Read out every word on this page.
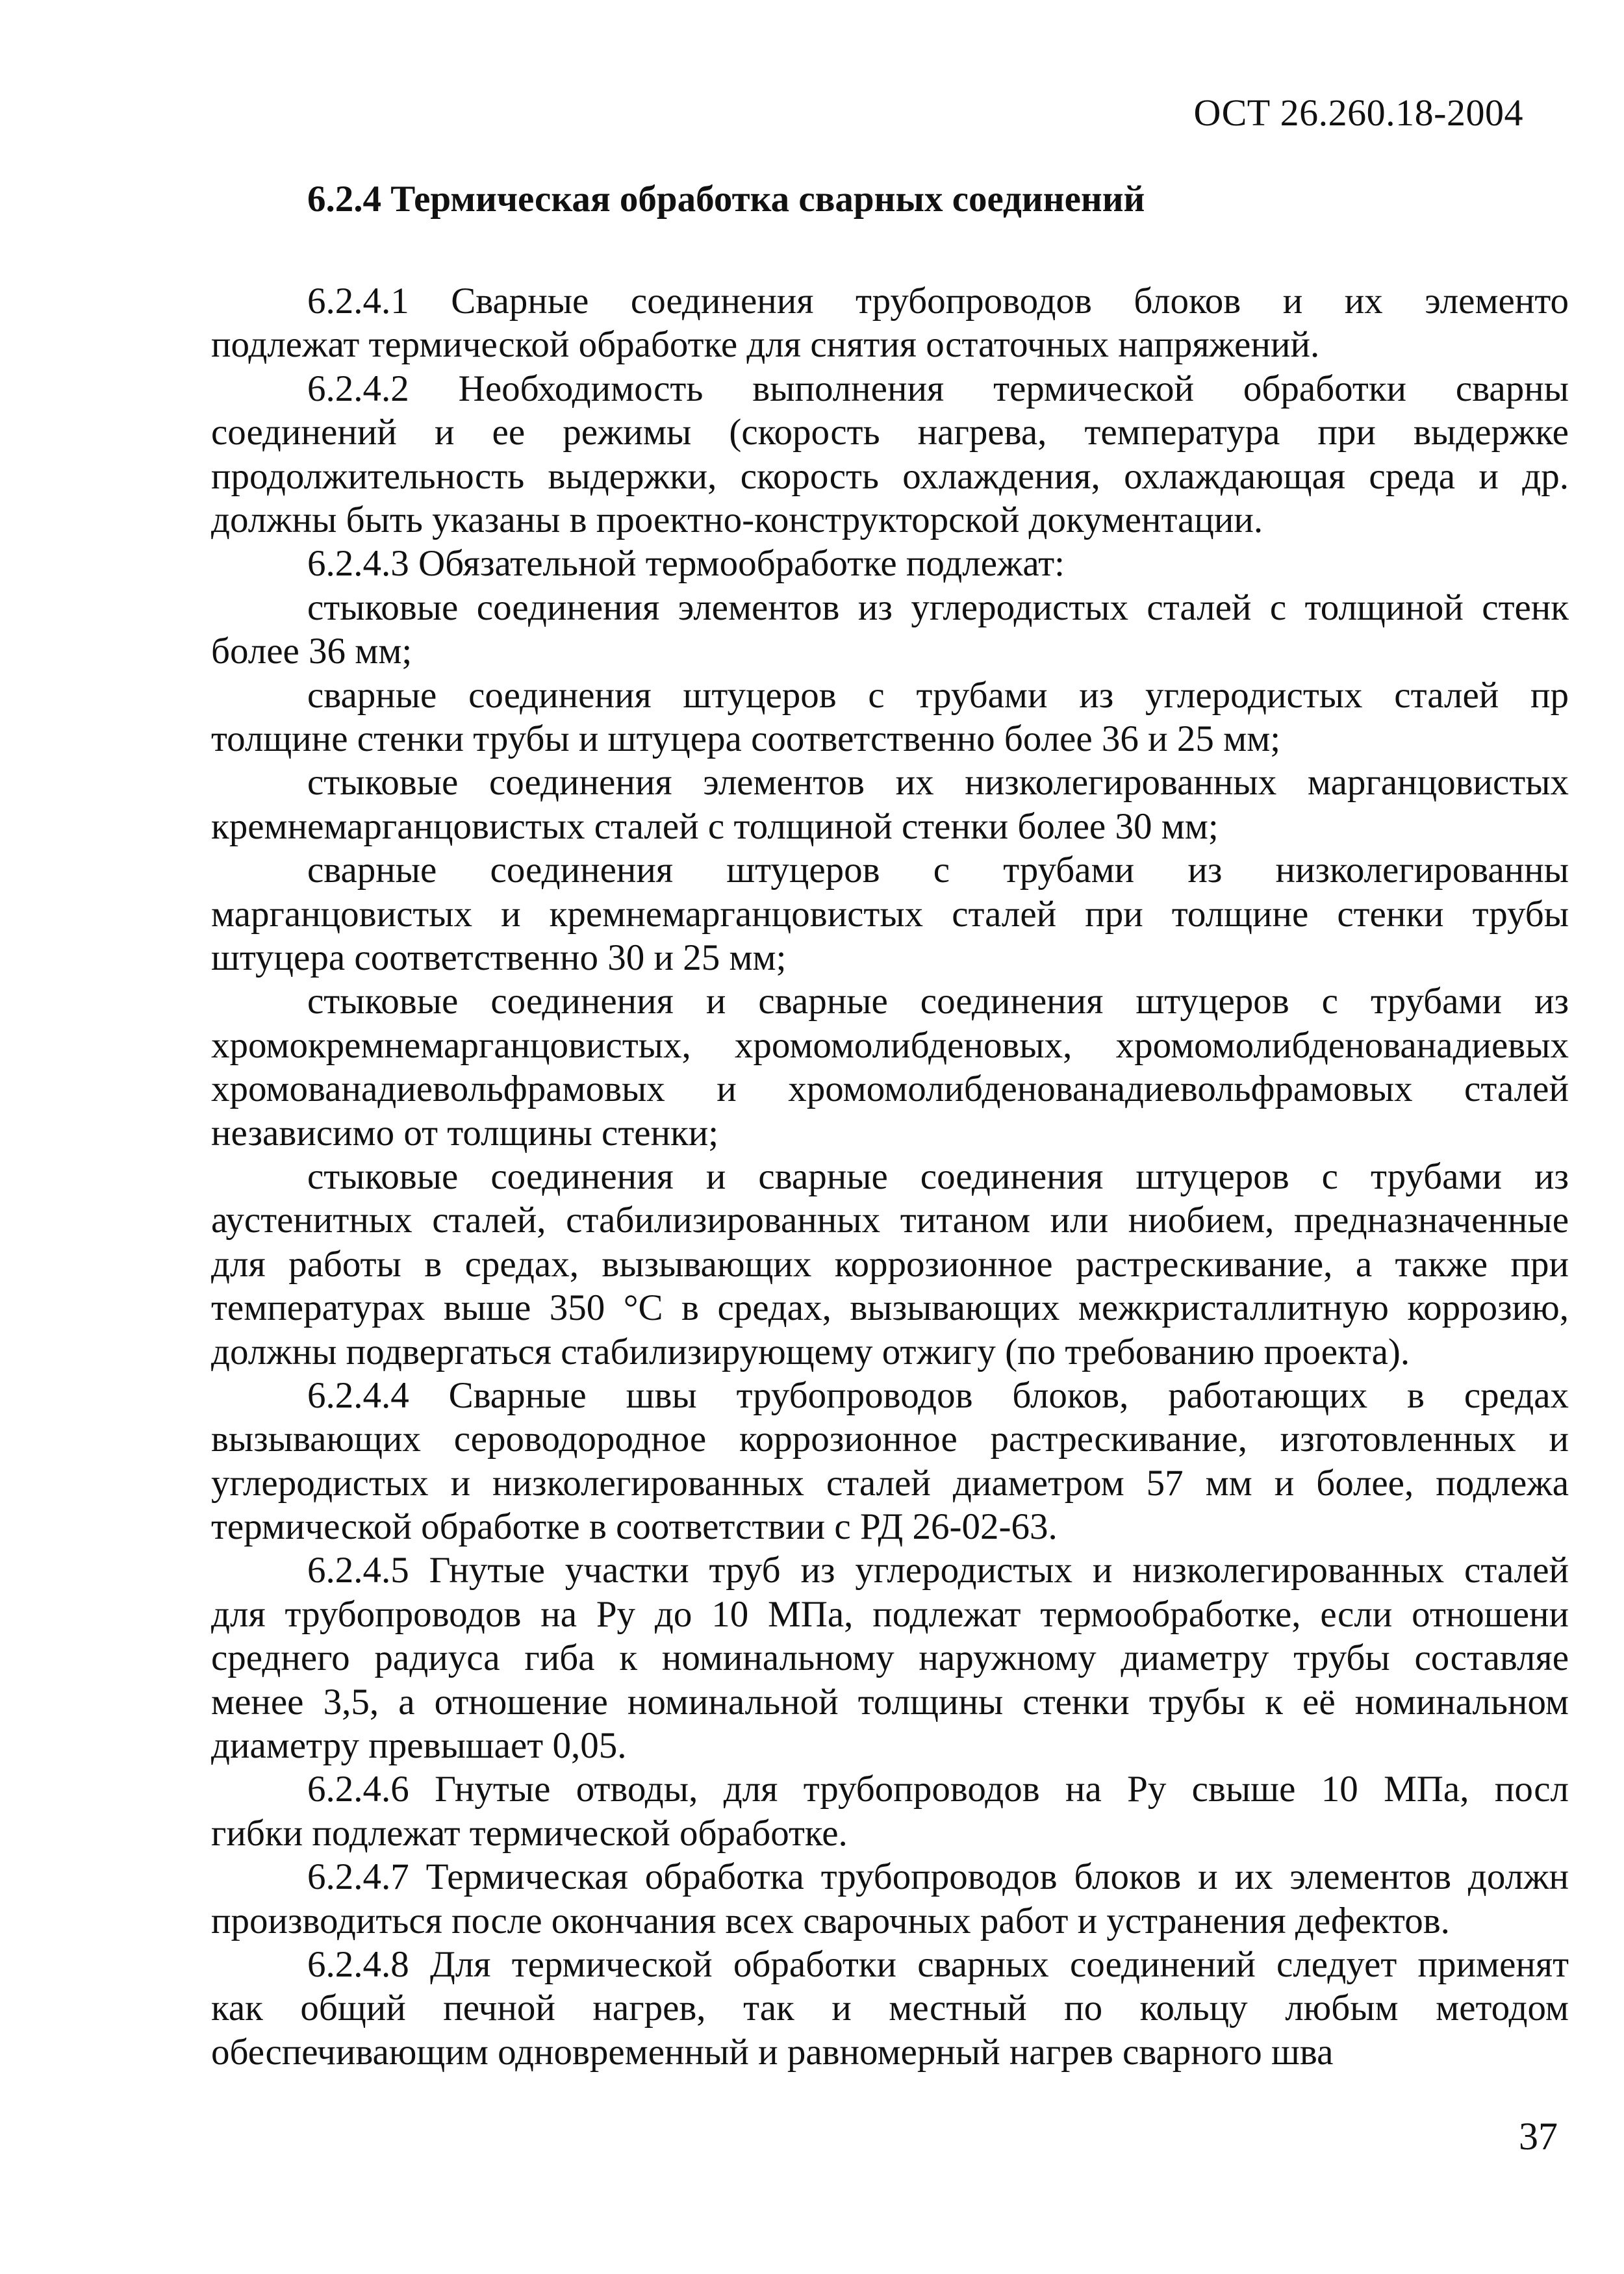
ОСТ 26.260.18-2004
6.2.4 Термическая обработка сварных соединений
6.2.4.1 Сварные соединения трубопроводов блоков и их элементо
подлежат термической обработке для снятия остаточных напряжений.
6.2.4.2 Необходимость выполнения термической обработки сварны
соединений и ее режимы (скорость нагрева, температура при выдержке
продолжительность выдержки, скорость охлаждения, охлаждающая среда и др.
должны быть указаны в проектно-конструкторской документации.
6.2.4.3 Обязательной термообработке подлежат:
стыковые соединения элементов из углеродистых сталей с толщиной стенк
более 36 мм;
сварные соединения штуцеров с трубами из углеродистых сталей пр
толщине стенки трубы и штуцера соответственно более 36 и 25 мм;
стыковые соединения элементов их низколегированных марганцовистых
кремнемарганцовистых сталей с толщиной стенки более 30 мм;
сварные соединения штуцеров с трубами из низколегированны
марганцовистых и кремнемарганцовистых сталей при толщине стенки трубы
штуцера соответственно 30 и 25 мм;
стыковые соединения и сварные соединения штуцеров с трубами из
хромокремнемарганцовистых, хромомолибденовых, хромомолибденованадиевых
хромованадиевольфрамовых и хромомолибденованадиевольфрамовых сталей
независимо от толщины стенки;
стыковые соединения и сварные соединения штуцеров с трубами из
аустенитных сталей, стабилизированных титаном или ниобием, предназначенные
для работы в средах, вызывающих коррозионное растрескивание, а также при
температурах выше 350 °С в средах, вызывающих межкристаллитную коррозию,
должны подвергаться стабилизирующему отжигу (по требованию проекта).
6.2.4.4 Сварные швы трубопроводов блоков, работающих в средах
вызывающих сероводородное коррозионное растрескивание, изготовленных и
углеродистых и низколегированных сталей диаметром 57 мм и более, подлежа
термической обработке в соответствии с РД 26-02-63.
6.2.4.5 Гнутые участки труб из углеродистых и низколегированных сталей
для трубопроводов на Ру до 10 МПа, подлежат термообработке, если отношени
среднего радиуса гиба к номинальному наружному диаметру трубы составляе
менее 3,5, а отношение номинальной толщины стенки трубы к её номинальном
диаметру превышает 0,05.
6.2.4.6 Гнутые отводы, для трубопроводов на Ру свыше 10 МПа, посл
гибки подлежат термической обработке.
6.2.4.7 Термическая обработка трубопроводов блоков и их элементов должн
производиться после окончания всех сварочных работ и устранения дефектов.
6.2.4.8 Для термической обработки сварных соединений следует применят
как общий печной нагрев, так и местный по кольцу любым методом
обеспечивающим одновременный и равномерный нагрев сварного шва
37
